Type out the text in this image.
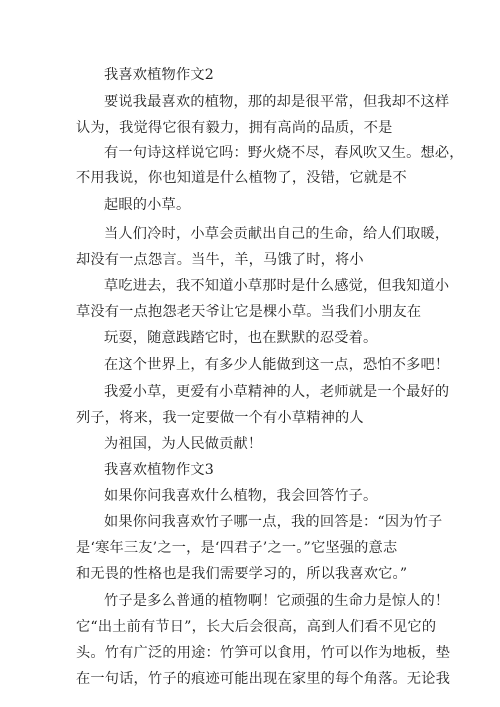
我喜欢植物作文2
要说我最喜欢的植物，那的却是很平常，但我却不这样
认为，我觉得它很有毅力，拥有高尚的品质，不是
有一句诗这样说它吗：野火烧不尽，春风吹又生。想必，
不用我说，你也知道是什么植物了，没错，它就是不
起眼的小草。
当人们冷时，小草会贡献出自己的生命，给人们取暖，
却没有一点怨言。当牛，羊，马饿了时，将小
草吃进去，我不知道小草那时是什么感觉，但我知道小
草没有一点抱怨老天爷让它是棵小草。当我们小朋友在
玩耍，随意践踏它时，也在默默的忍受着。
在这个世界上，有多少人能做到这一点，恐怕不多吧！
我爱小草，更爱有小草精神的人，老师就是一个最好的
列子，将来，我一定要做一个有小草精神的人
为祖国，为人民做贡献！
我喜欢植物作文3
如果你问我喜欢什么植物，我会回答竹子。
如果你问我喜欢竹子哪一点，我的回答是：“因为竹子
是‘寒年三友’之一，是‘四君子’之一。”它坚强的意志
和无畏的性格也是我们需要学习的，所以我喜欢它。”
竹子是多么普通的植物啊！它顽强的生命力是惊人的！
它“出土前有节日”，长大后会很高，高到人们看不见它的
头。竹有广泛的用途：竹笋可以食用，竹可以作为地板，垫
在一句话，竹子的痕迹可能出现在家里的每个角落。无论我
